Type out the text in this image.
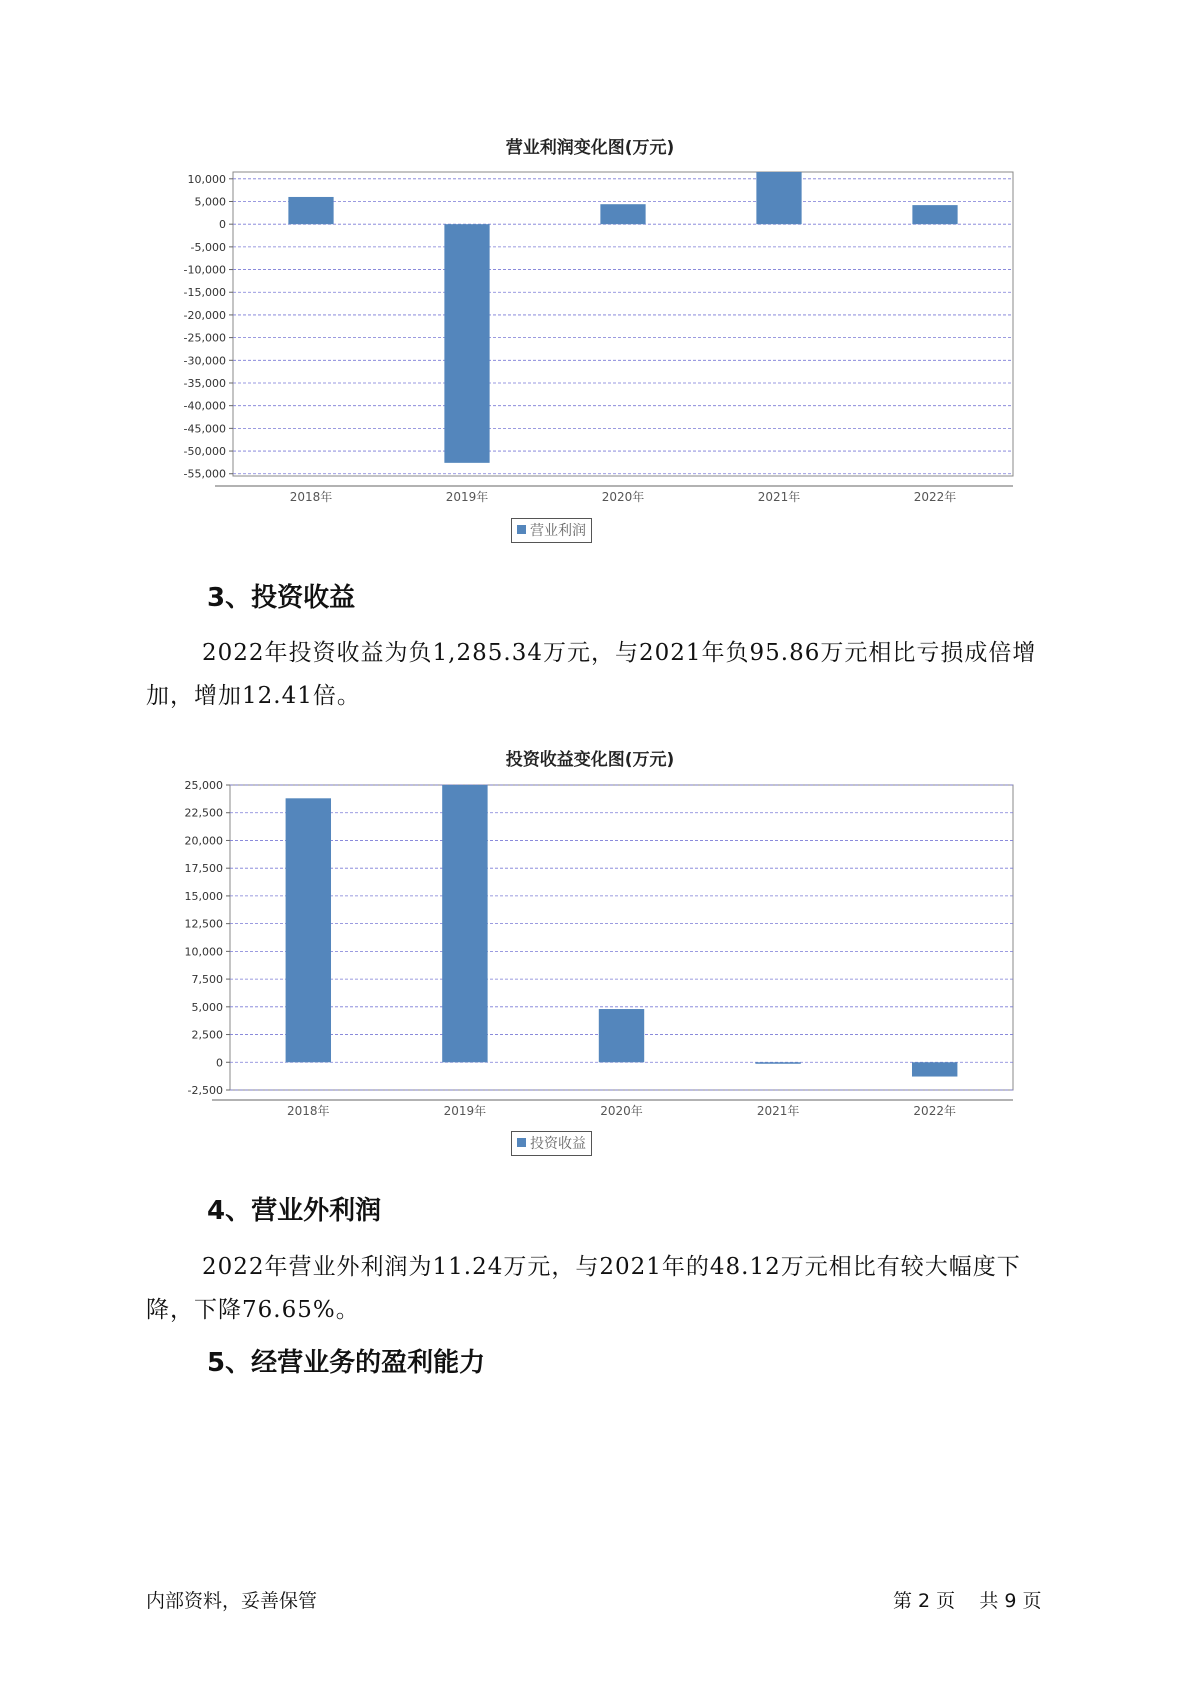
营业利润变化图(万元)
10,000
5,000
0
-5,000
-10,000
-15,000
-20,000
-25,000
-30,000
-35,000
-40,000
-45,000
-50,000
-55,000
2018年	2019年	2020年	2021年	2022年
营业利润
3、投资收益
2022年投资收益为负1,285.34万元，与2021年负95.86万元相比亏损成倍增加，增加12.41倍。
投资收益变化图(万元)
25,000
22,500
20,000
17,500
15,000
12,500
10,000
7,500
5,000
2,500
0
-2,500
2018年	2019年	2020年	2021年	2022年
投资收益
4、营业外利润
2022年营业外利润为11.24万元，与2021年的48.12万元相比有较大幅度下降，下降76.65%。
5、经营业务的盈利能力
内部资料，妥善保管	第 2 页    共 9 页
